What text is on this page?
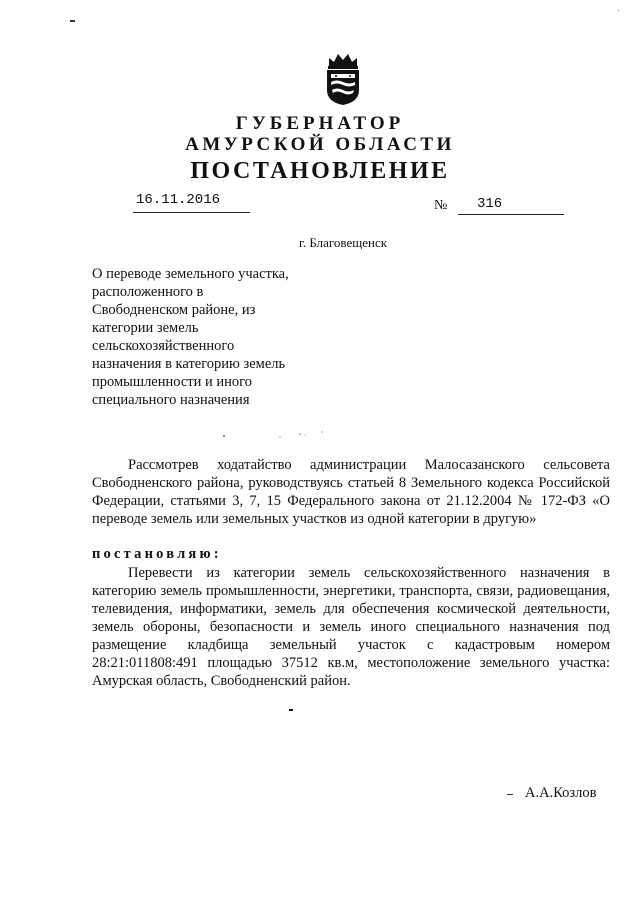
ГУБЕРНАТОР
АМУРСКОЙ ОБЛАСТИ
ПОСТАНОВЛЕНИЕ
16.11.2016	№ 316
г. Благовещенск
О переводе земельного участка,
расположенного в
Свободненском районе, из
категории земель
сельскохозяйственного
назначения в категорию земель
промышленности и иного
специального назначения
Рассмотрев ходатайство администрации Малосазанского сельсовета Свободненского района, руководствуясь статьей 8 Земельного кодекса Российской Федерации, статьями 3, 7, 15 Федерального закона от 21.12.2004 № 172-ФЗ «О переводе земель или земельных участков из одной категории в другую»
постановляю:
Перевести из категории земель сельскохозяйственного назначения в категорию земель промышленности, энергетики, транспорта, связи, радиовещания, телевидения, информатики, земель для обеспечения космической деятельности, земель обороны, безопасности и земель иного специального назначения под размещение кладбища земельный участок с кадастровым номером 28:21:011808:491 площадью 37512 кв.м, местоположение земельного участка: Амурская область, Свободненский район.
А.А.Козлов
